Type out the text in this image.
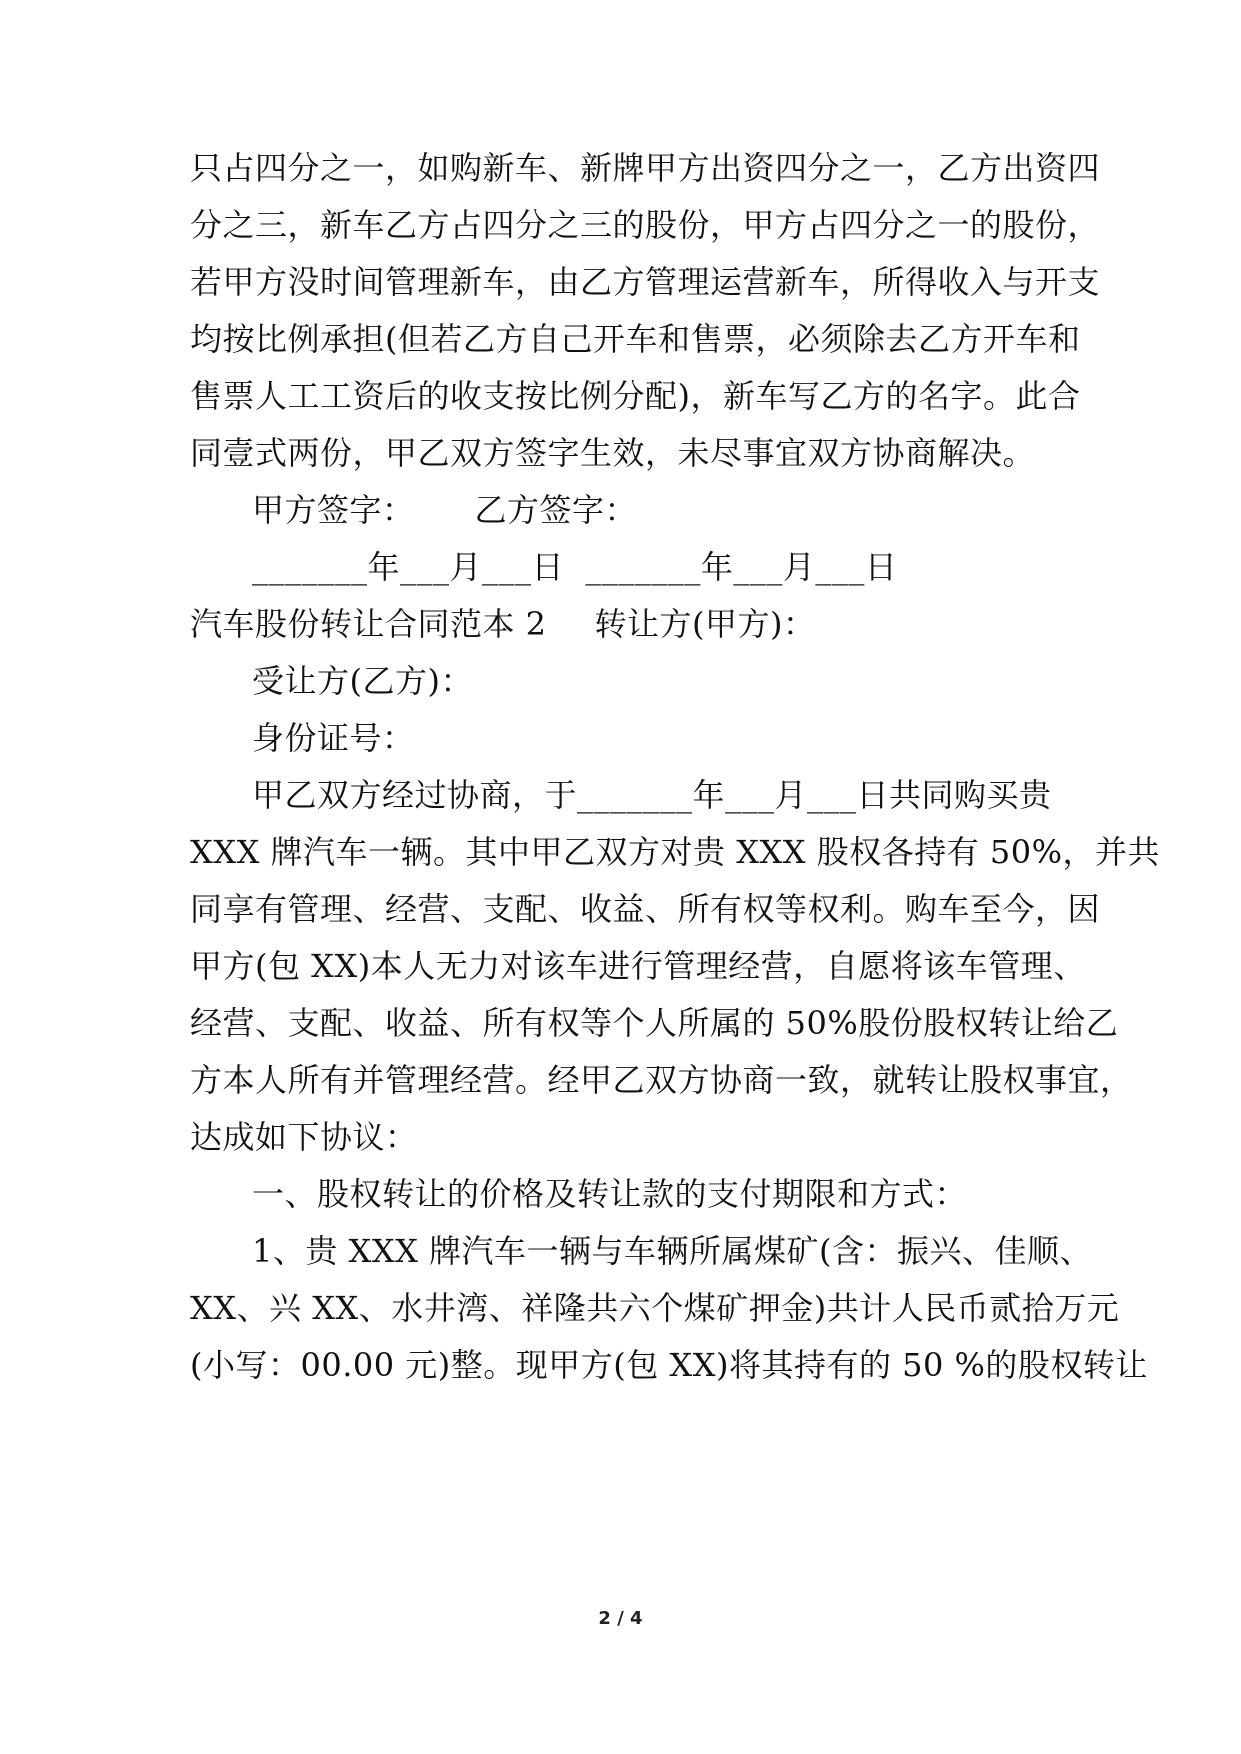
只占四分之一，如购新车、新牌甲方出资四分之一，乙方出资四
分之三，新车乙方占四分之三的股份，甲方占四分之一的股份，
若甲方没时间管理新车，由乙方管理运营新车，所得收入与开支
均按比例承担(但若乙方自己开车和售票，必须除去乙方开车和
售票人工工资后的收支按比例分配)，新车写乙方的名字。此合
同壹式两份，甲乙双方签字生效，未尽事宜双方协商解决。
甲方签字： 乙方签字：
_______年___月___日 _______年___月___日
汽车股份转让合同范本 2 转让方(甲方)：
受让方(乙方)：
身份证号：
甲乙双方经过协商，于_______年___月___日共同购买贵
XXX 牌汽车一辆。其中甲乙双方对贵 XXX 股权各持有 50%，并共
同享有管理、经营、支配、收益、所有权等权利。购车至今，因
甲方(包 XX)本人无力对该车进行管理经营，自愿将该车管理、
经营、支配、收益、所有权等个人所属的 50%股份股权转让给乙
方本人所有并管理经营。经甲乙双方协商一致，就转让股权事宜，
达成如下协议：
一、股权转让的价格及转让款的支付期限和方式：
1、贵 XXX 牌汽车一辆与车辆所属煤矿(含：振兴、佳顺、
XX、兴 XX、水井湾、祥隆共六个煤矿押金)共计人民币贰拾万元
(小写：00.00 元)整。现甲方(包 XX)将其持有的 50 %的股权转让
2 / 4
